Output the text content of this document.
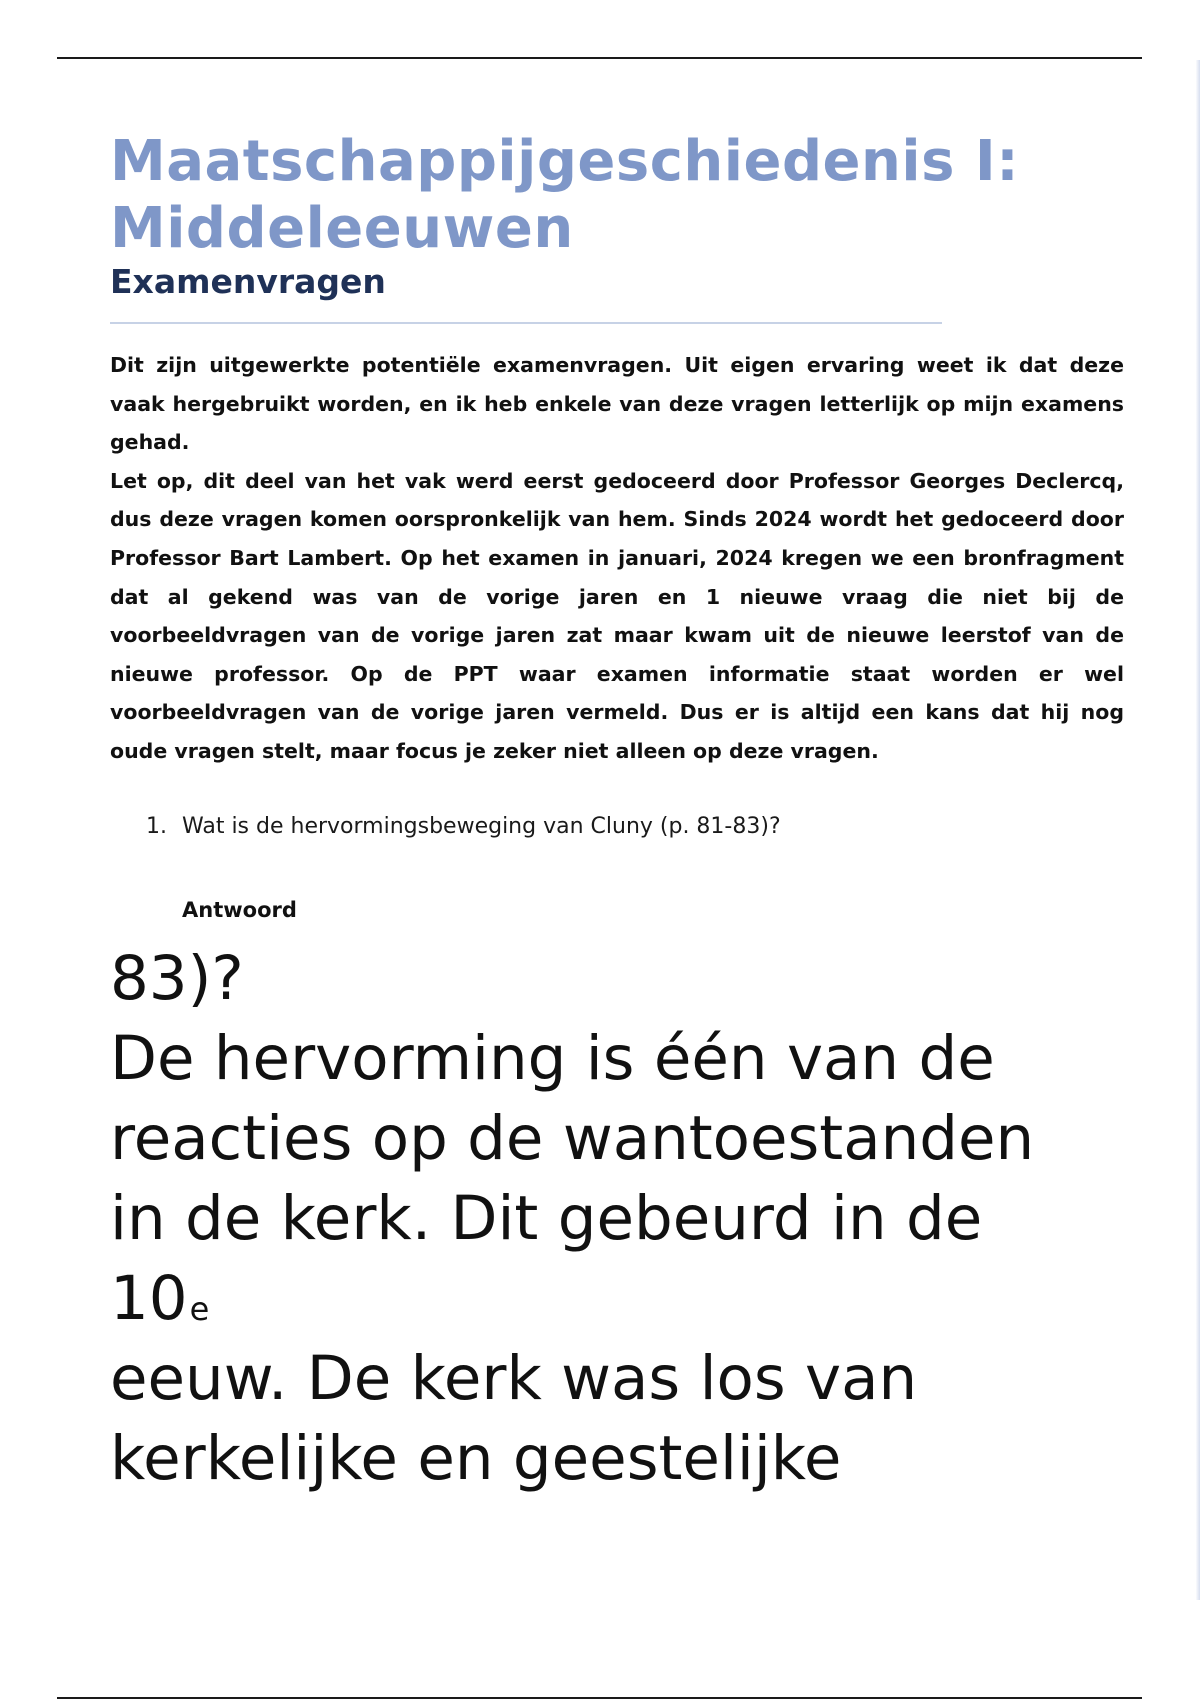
Maatschappijgeschiedenis I:
Middeleeuwen
Examenvragen

Dit zijn uitgewerkte potentiële examenvragen. Uit eigen ervaring weet ik dat deze vaak hergebruikt worden, en ik heb enkele van deze vragen letterlijk op mijn examens gehad.

Let op, dit deel van het vak werd eerst gedoceerd door Professor Georges Declercq, dus deze vragen komen oorspronkelijk van hem. Sinds 2024 wordt het gedoceerd door Professor Bart Lambert. Op het examen in januari, 2024 kregen we een bronfragment dat al gekend was van de vorige jaren en 1 nieuwe vraag die niet bij de voorbeeldvragen van de vorige jaren zat maar kwam uit de nieuwe leerstof van de nieuwe professor. Op de PPT waar examen informatie staat worden er wel voorbeeldvragen van de vorige jaren vermeld. Dus er is altijd een kans dat hij nog oude vragen stelt, maar focus je zeker niet alleen op deze vragen.

1. Wat is de hervormingsbeweging van Cluny (p. 81-83)?
Antwoord
83)?
De hervorming is één van de
reacties op de wantoestanden
in de kerk. Dit gebeurd in de
10e
eeuw. De kerk was los van
kerkelijke en geestelijke
